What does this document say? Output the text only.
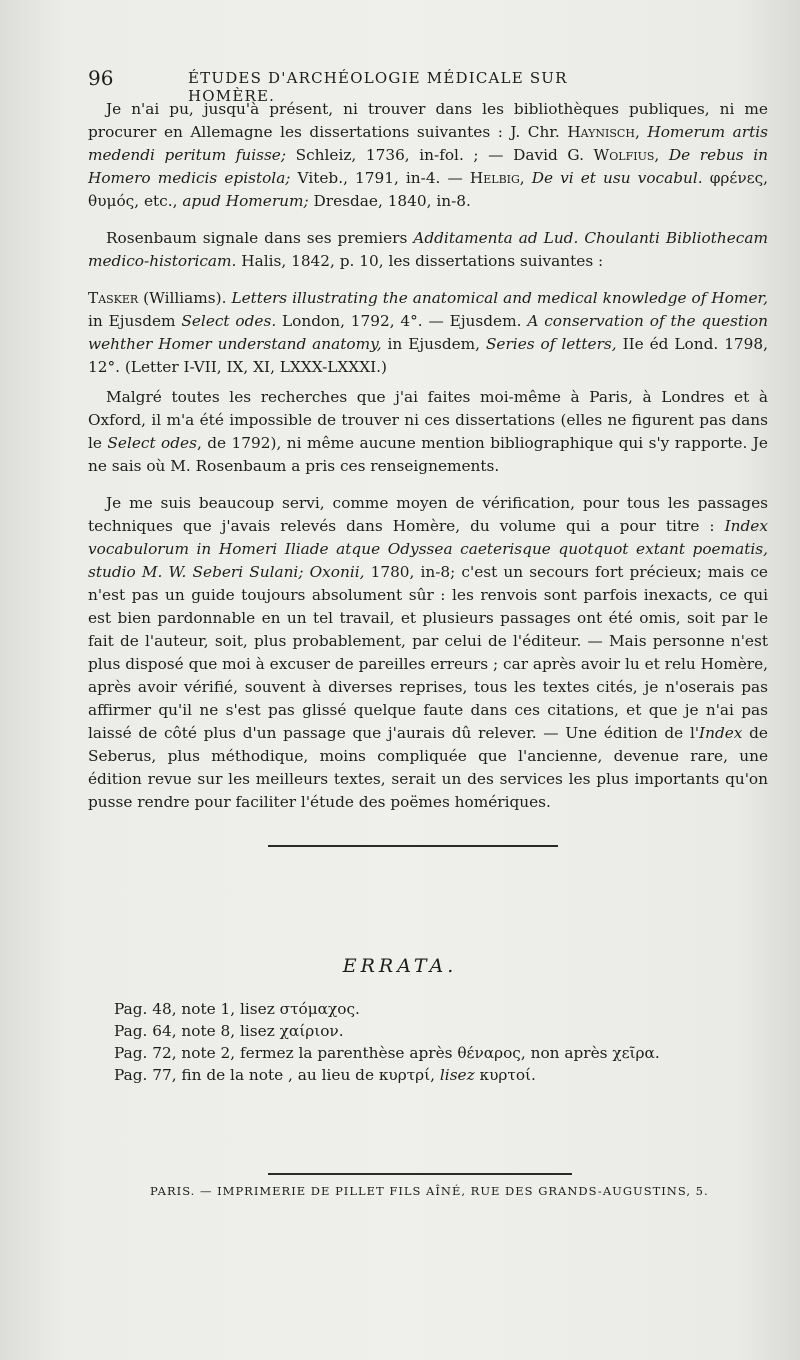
96	ÉTUDES D'ARCHÉOLOGIE MÉDICALE SUR HOMÈRE.

Je n'ai pu, jusqu'à présent, ni trouver dans les bibliothèques publiques, ni me procurer en Allemagne les dissertations suivantes : J. Chr. Haynisch, Homerum artis medendi peritum fuisse; Schleiz, 1736, in-fol. ; — David G. Wolfius, De rebus in Homero medicis epistola; Viteb., 1791, in-4. — Helbig, De vi et usu vocabul. φρένες, θυμός, etc., apud Homerum; Dresdae, 1840, in-8.

Rosenbaum signale dans ses premiers Additamenta ad Lud. Choulanti Bibliothecam medico-historicam. Halis, 1842, p. 10, les dissertations suivantes :

Tasker (Williams). Letters illustrating the anatomical and medical knowledge of Homer, in Ejusdem Select odes. London, 1792, 4°. — Ejusdem. A conservation of the question wehther Homer understand anatomy, in Ejusdem, Series of letters, IIe éd Lond. 1798, 12°. (Letter I-VII, IX, XI, LXXX-LXXXI.)

Malgré toutes les recherches que j'ai faites moi-même à Paris, à Londres et à Oxford, il m'a été impossible de trouver ni ces dissertations (elles ne figurent pas dans le Select odes, de 1792), ni même aucune mention bibliographique qui s'y rapporte. Je ne sais où M. Rosenbaum a pris ces renseignements.

Je me suis beaucoup servi, comme moyen de vérification, pour tous les passages techniques que j'avais relevés dans Homère, du volume qui a pour titre : Index vocabulorum in Homeri Iliade atque Odyssea caeterisque quotquot extant poematis, studio M. W. Seberi Sulani; Oxonii, 1780, in-8; c'est un secours fort précieux; mais ce n'est pas un guide toujours absolument sûr : les renvois sont parfois inexacts, ce qui est bien pardonnable en un tel travail, et plusieurs passages ont été omis, soit par le fait de l'auteur, soit, plus probablement, par celui de l'éditeur. — Mais personne n'est plus disposé que moi à excuser de pareilles erreurs ; car après avoir lu et relu Homère, après avoir vérifié, souvent à diverses reprises, tous les textes cités, je n'oserais pas affirmer qu'il ne s'est pas glissé quelque faute dans ces citations, et que je n'ai pas laissé de côté plus d'un passage que j'aurais dû relever. — Une édition de l'Index de Seberus, plus méthodique, moins compliquée que l'ancienne, devenue rare, une édition revue sur les meilleurs textes, serait un des services les plus importants qu'on pusse rendre pour faciliter l'étude des poëmes homériques.

ERRATA.
Pag. 48, note 1, lisez στόμαχος.
Pag. 64, note 8, lisez χαίριον.
Pag. 72, note 2, fermez la parenthèse après θέναρος, non après χεῖρα.
Pag. 77, fin de la note , au lieu de κυρτρί, lisez κυρτοί.
PARIS. — IMPRIMERIE DE PILLET FILS AÎNÉ, RUE DES GRANDS-AUGUSTINS, 5.
